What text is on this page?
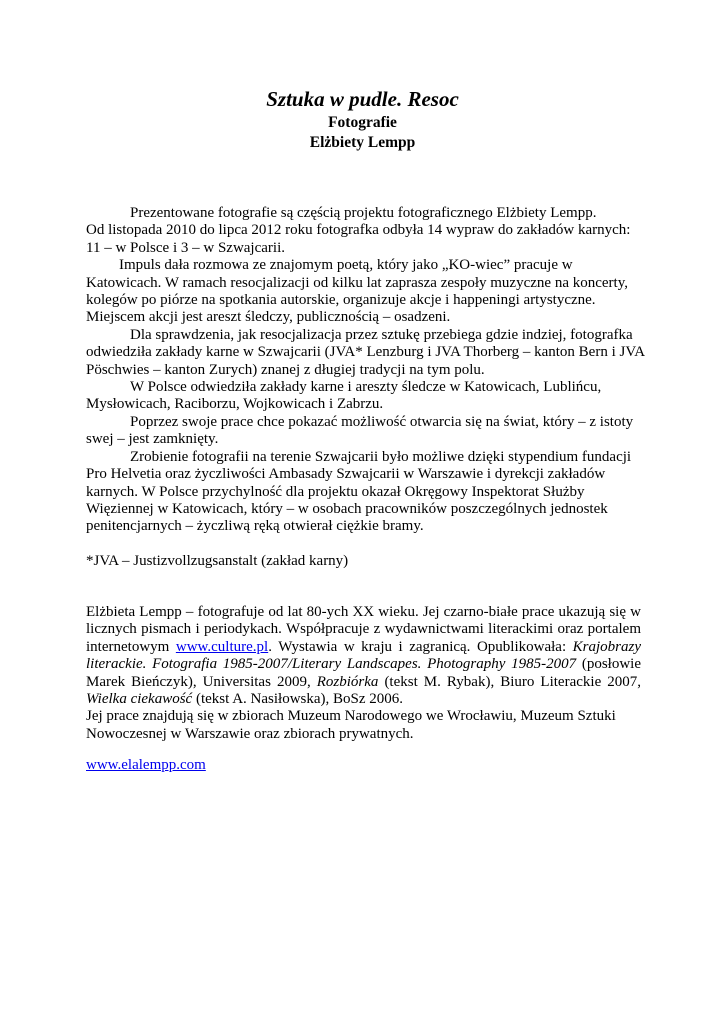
Sztuka w pudle. Resoc
Fotografie
Elżbiety Lempp
Prezentowane fotografie są częścią projektu fotograficznego Elżbiety Lempp.
Od listopada 2010 do lipca 2012 roku fotografka odbyła 14 wypraw do zakładów karnych:
11 – w Polsce i 3 – w Szwajcarii.
Impuls dała rozmowa ze znajomym poetą, który jako „KO-wiec” pracuje w
Katowicach. W ramach resocjalizacji od kilku lat zaprasza zespoły muzyczne na koncerty,
kolegów po piórze na spotkania autorskie, organizuje akcje i happeningi artystyczne.
Miejscem akcji jest areszt śledczy, publicznością – osadzeni.
Dla sprawdzenia, jak resocjalizacja przez sztukę przebiega gdzie indziej, fotografka
odwiedziła zakłady karne w Szwajcarii (JVA* Lenzburg i JVA Thorberg – kanton Bern i JVA
Pöschwies – kanton Zurych) znanej z długiej tradycji na tym polu.
W Polsce odwiedziła zakłady karne i areszty śledcze w Katowicach, Lublińcu,
Mysłowicach, Raciborzu, Wojkowicach i Zabrzu.
Poprzez swoje prace chce pokazać możliwość otwarcia się na świat, który – z istoty
swej – jest zamknięty.
Zrobienie fotografii na terenie Szwajcarii było możliwe dzięki stypendium fundacji
Pro Helvetia oraz życzliwości Ambasady Szwajcarii w Warszawie i dyrekcji zakładów
karnych. W Polsce przychylność dla projektu okazał Okręgowy Inspektorat Służby
Więziennej w Katowicach, który – w osobach pracowników poszczególnych jednostek
penitencjarnych – życzliwą ręką otwierał ciężkie bramy.
*JVA – Justizvollzugsanstalt (zakład karny)
Elżbieta Lempp – fotografuje od lat 80-ych XX wieku. Jej czarno-białe prace ukazują się w
licznych pismach i periodykach. Współpracuje z wydawnictwami literackimi oraz portalem
internetowym www.culture.pl. Wystawia w kraju i zagranicą. Opublikowała: Krajobrazy
literackie. Fotografia 1985-2007/Literary Landscapes. Photography 1985-2007 (posłowie
Marek Bieńczyk), Universitas 2009, Rozbiórka (tekst M. Rybak), Biuro Literackie 2007,
Wielka ciekawość (tekst A. Nasiłowska), BoSz 2006.
Jej prace znajdują się w zbiorach Muzeum Narodowego we Wrocławiu, Muzeum Sztuki
Nowoczesnej w Warszawie oraz zbiorach prywatnych.
www.elalempp.com
